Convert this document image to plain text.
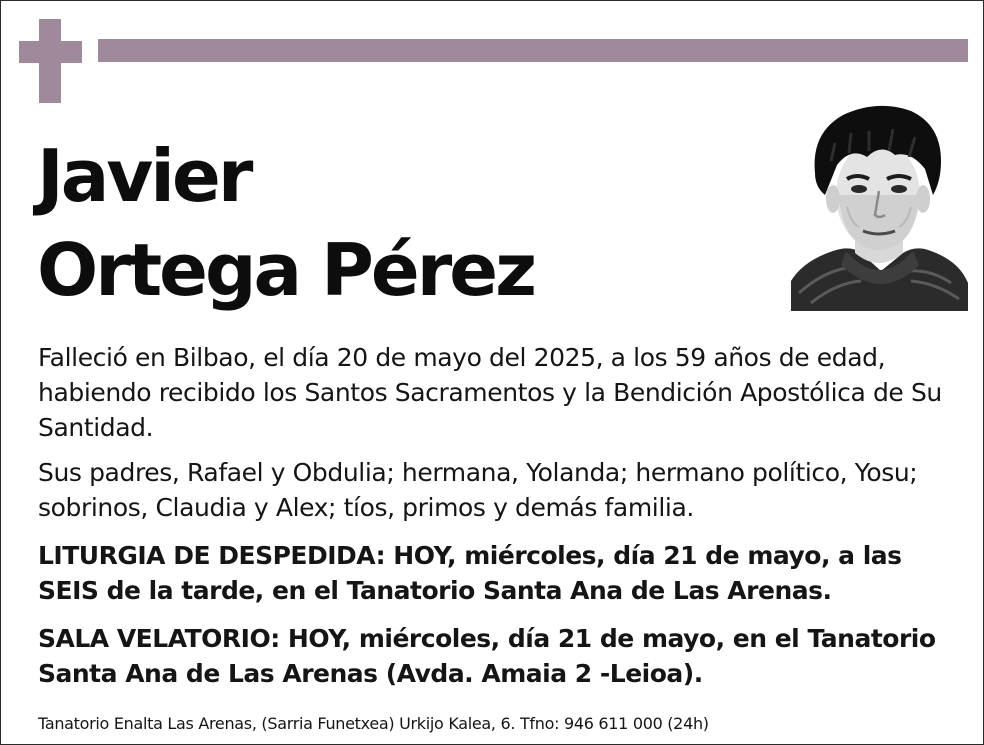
Javier
Ortega Pérez
Falleció en Bilbao, el día 20 de mayo del 2025, a los 59 años de edad, habiendo recibido los Santos Sacramentos y la Bendición Apostólica de Su Santidad.
Sus padres, Rafael y Obdulia; hermana, Yolanda; hermano político, Yosu; sobrinos, Claudia y Alex; tíos, primos y demás familia.
LITURGIA DE DESPEDIDA: HOY, miércoles, día 21 de mayo, a las SEIS de la tarde, en el Tanatorio Santa Ana de Las Arenas.
SALA VELATORIO: HOY, miércoles, día 21 de mayo, en el Tanatorio Santa Ana de Las Arenas (Avda. Amaia 2 -Leioa).
Tanatorio Enalta Las Arenas, (Sarria Funetxea) Urkijo Kalea, 6. Tfno: 946 611 000 (24h)
